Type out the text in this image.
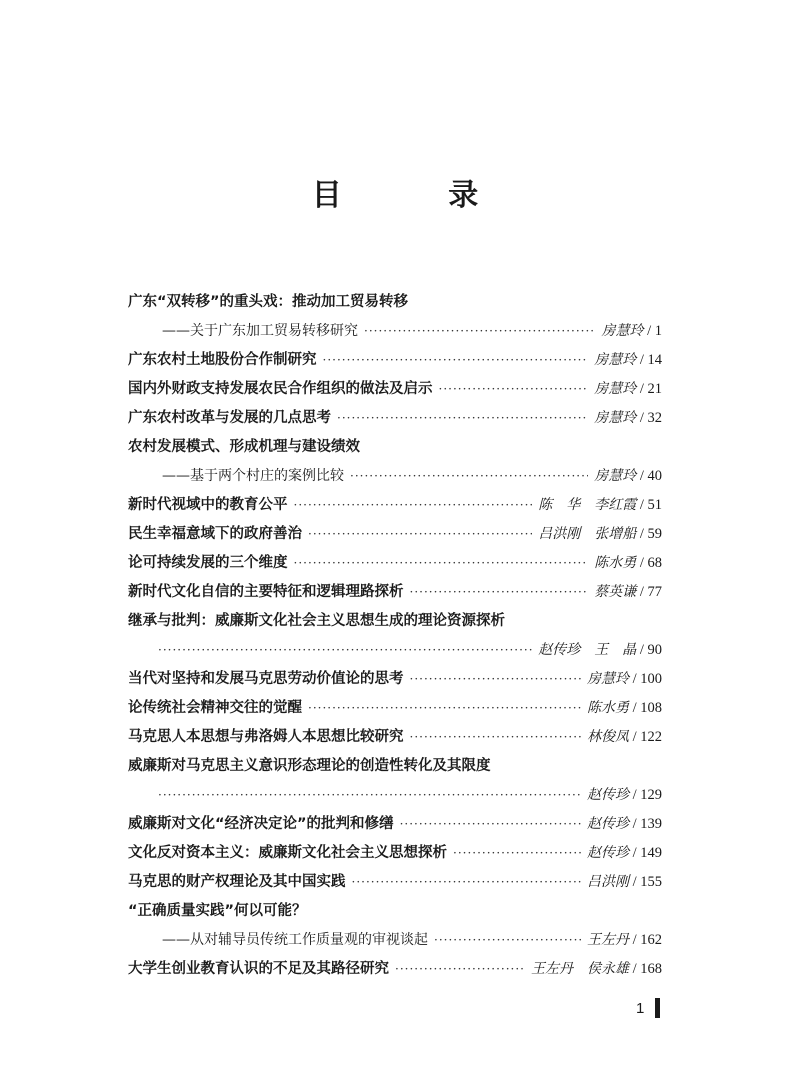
目 录
广东“双转移”的重头戏：推动加工贸易转移
——关于广东加工贸易转移研究 ·····	房慧玲 / 1
广东农村土地股份合作制研究 ·····	房慧玲 / 14
国内外财政支持发展农民合作组织的做法及启示 ·····	房慧玲 / 21
广东农村改革与发展的几点思考 ·····	房慧玲 / 32
农村发展模式、形成机理与建设绩效
——基于两个村庄的案例比较 ·····	房慧玲 / 40
新时代视域中的教育公平 ·····	陈　华　李红霞 / 51
民生幸福意域下的政府善治 ·····	吕洪刚　张增船 / 59
论可持续发展的三个维度 ·····	陈水勇 / 68
新时代文化自信的主要特征和逻辑理路探析 ·····	蔡英谦 / 77
继承与批判：威廉斯文化社会主义思想生成的理论资源探析
·····
赵传珍　王　晶 / 90
当代对坚持和发展马克思劳动价值论的思考 ·····	房慧玲 / 100
论传统社会精神交往的觉醒 ·····	陈水勇 / 108
马克思人本思想与弗洛姆人本思想比较研究 ·····	林俊凤 / 122
威廉斯对马克思主义意识形态理论的创造性转化及其限度
·····
赵传珍 / 129
威廉斯对文化“经济决定论”的批判和修缮 ·····	赵传珍 / 139
文化反对资本主义：威廉斯文化社会主义思想探析 ·····	赵传珍 / 149
马克思的财产权理论及其中国实践 ·····	吕洪刚 / 155
“正确质量实践”何以可能？
——从对辅导员传统工作质量观的审视谈起 ·····	王左丹 / 162
大学生创业教育认识的不足及其路径研究 ·····	王左丹　侯永雄 / 168
1
